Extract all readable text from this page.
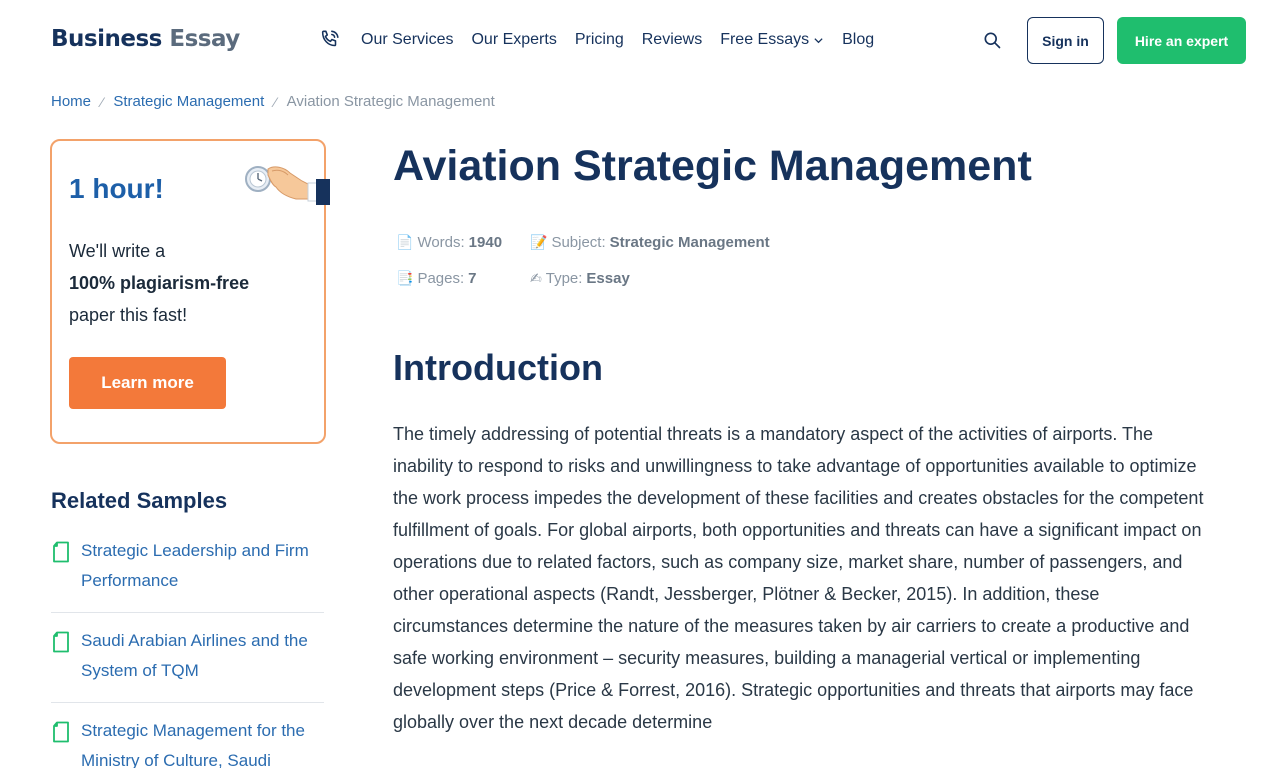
Business Essay	Our Services Our Experts Pricing Reviews Free Essays Blog	Sign in	Hire an expert
Home ⁄ Strategic Management ⁄ Aviation Strategic Management
1 hour!
We'll write a
100% plagiarism-free
paper this fast!
Learn more
Related Samples
Strategic Leadership and Firm Performance
Saudi Arabian Airlines and the System of TQM
Strategic Management for the Ministry of Culture, Saudi
Aviation Strategic Management
📄 Words: 1940 📝 Subject: Strategic Management
📑 Pages: 7	✍ Type: Essay
Introduction

The timely addressing of potential threats is a mandatory aspect of the activities of airports. The inability to respond to risks and unwillingness to take advantage of opportunities available to optimize the work process impedes the development of these facilities and creates obstacles for the competent fulfillment of goals. For global airports, both opportunities and threats can have a significant impact on operations due to related factors, such as company size, market share, number of passengers, and other operational aspects (Randt, Jessberger, Plötner & Becker, 2015). In addition, these circumstances determine the nature of the measures taken by air carriers to create a productive and safe working environment – security measures, building a managerial vertical or implementing development steps (Price & Forrest, 2016). Strategic opportunities and threats that airports may face globally over the next decade determine
